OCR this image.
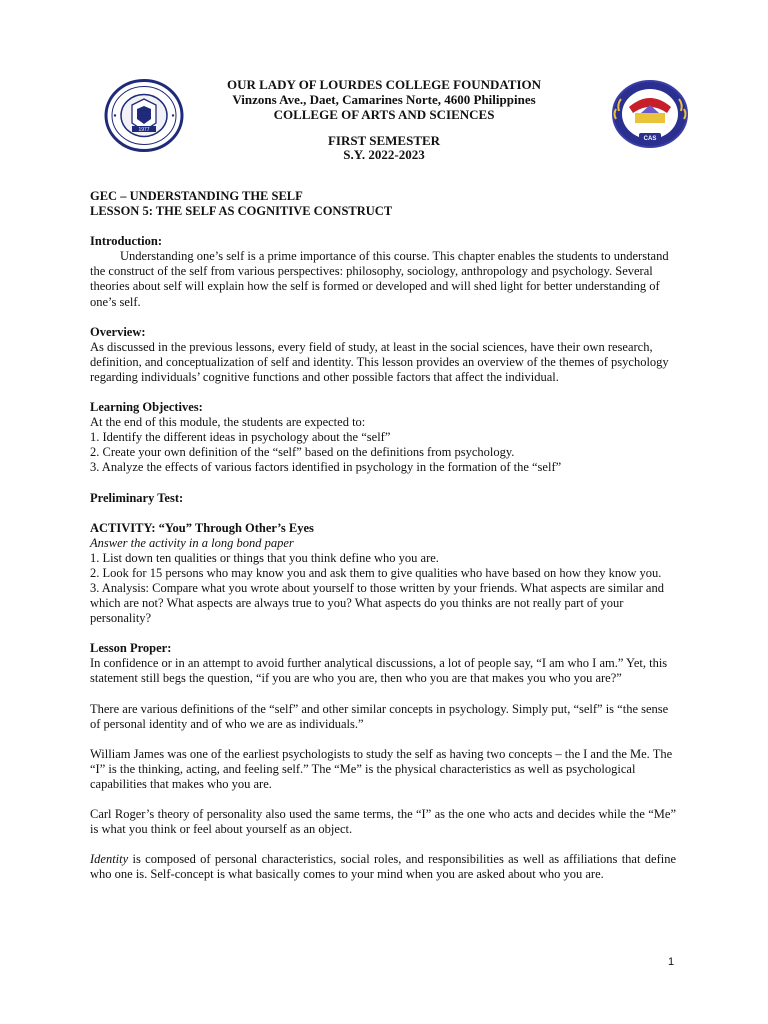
1977
CAS
OUR LADY OF LOURDES COLLEGE FOUNDATION
Vinzons Ave., Daet, Camarines Norte, 4600 Philippines
COLLEGE OF ARTS AND SCIENCES
FIRST SEMESTER
S.Y. 2022-2023

GEC – UNDERSTANDING THE SELF

LESSON 5: THE SELF AS COGNITIVE CONSTRUCT

Introduction:

Understanding one’s self is a prime importance of this course. This chapter enables the students to understand the construct of the self from various perspectives: philosophy, sociology, anthropology and psychology. Several theories about self will explain how the self is formed or developed and will shed light for better understanding of one’s self.

Overview:

As discussed in the previous lessons, every field of study, at least in the social sciences, have their own research, definition, and conceptualization of self and identity. This lesson provides an overview of the themes of psychology regarding individuals’ cognitive functions and other possible factors that affect the individual.

Learning Objectives:

At the end of this module, the students are expected to:

1. Identify the different ideas in psychology about the “self”

2. Create your own definition of the “self” based on the definitions from psychology.

3. Analyze the effects of various factors identified in psychology in the formation of the “self”

Preliminary Test:

ACTIVITY: “You” Through Other’s Eyes

Answer the activity in a long bond paper

1. List down ten qualities or things that you think define who you are.

2. Look for 15 persons who may know you and ask them to give qualities who have based on how they know you.

3. Analysis: Compare what you wrote about yourself to those written by your friends. What aspects are similar and which are not? What aspects are always true to you? What aspects do you thinks are not really part of your personality?

Lesson Proper:

In confidence or in an attempt to avoid further analytical discussions, a lot of people say, “I am who I am.” Yet, this statement still begs the question, “if you are who you are, then who you are that makes you who you are?”

There are various definitions of the “self” and other similar concepts in psychology. Simply put, “self” is “the sense of personal identity and of who we are as individuals.”

William James was one of the earliest psychologists to study the self as having two concepts – the I and the Me. The “I” is the thinking, acting, and feeling self.” The “Me” is the physical characteristics as well as psychological capabilities that makes who you are.

Carl Roger’s theory of personality also used the same terms, the “I” as the one who acts and decides while the “Me” is what you think or feel about yourself as an object.

Identity is composed of personal characteristics, social roles, and responsibilities as well as affiliations that define who one is. Self-concept is what basically comes to your mind when you are asked about who you are.

1
